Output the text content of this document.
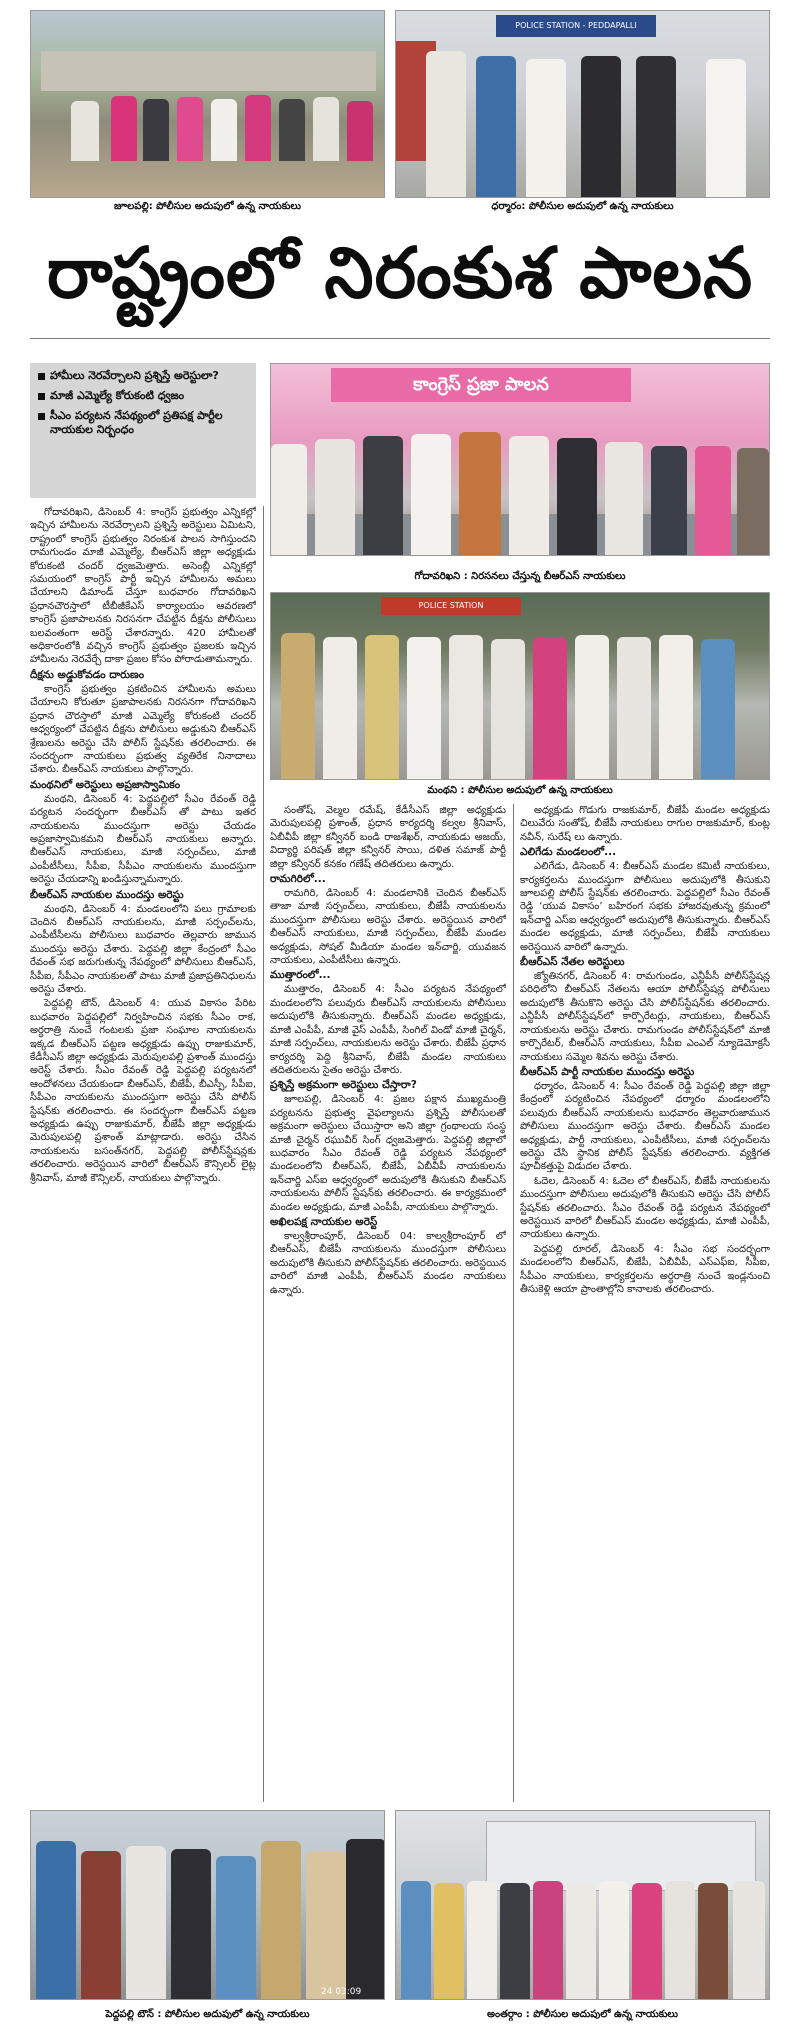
జూలపల్లి: పోలీసుల అదుపులో ఉన్న నాయకులు
POLICE STATION - PEDDAPALLI
ధర్మారం: పోలీసుల అదుపులో ఉన్న నాయకులు
రాష్ట్రంలో నిరంకుశ పాలన
హామీలు నెరవేర్చాలని ప్రశ్నిస్తే అరెస్టులా?
మాజీ ఎమ్మెల్యే కోరుకంటి ధ్వజం
సీఎం పర్యటన నేపథ్యంలో ప్రతిపక్ష పార్టీల నాయకుల నిర్బంధం
కాంగ్రెస్ ప్రజా పాలన
గోదావరిఖని : నిరసనలు చేస్తున్న బీఆర్ఎస్ నాయకులు
POLICE STATION
మంథని : పోలీసుల అదుపులో ఉన్న నాయకులు

గోదావరిఖని, డిసెంబర్ 4: కాంగ్రెస్ ప్రభుత్వం ఎన్నికల్లో ఇచ్చిన హామీలను నెరవేర్చాలని ప్రశ్నిస్తే అరెస్టులు ఏమిటని, రాష్ట్రంలో కాంగ్రెస్ ప్రభుత్వం నిరంకుశ పాలన సాగిస్తుందని రామగుండం మాజీ ఎమ్మెల్యే, బీఆర్ఎస్ జిల్లా అధ్యక్షుడు కోరుకంటి చందర్ ధ్వజమెత్తారు. అసెంబ్లీ ఎన్నికల్లో సమయంలో కాంగ్రెస్ పార్టీ ఇచ్చిన హామీలను అమలు చేయాలని డిమాండ్ చేస్తూ బుధవారం గోదావరిఖని ప్రధానచౌరస్తాలో టీబీజీకేఎస్ కార్యాలయం ఆవరణలో కాంగ్రెస్ ప్రజాపాలనకు నిరసనగా చేపట్టిన దీక్షను పోలీసులు బలవంతంగా అరెస్ట్ చేశారన్నారు. 420 హామీలతో అధికారంలోకి వచ్చిన కాంగ్రెస్ ప్రభుత్వం ప్రజలకు ఇచ్చిన హామీలను నెరవేర్చే దాకా ప్రజల కోసం పోరాడుతామన్నారు.

దీక్షను అడ్డుకోవడం దారుణం

కాంగ్రెస్ ప్రభుత్వం ప్రకటించిన హామీలను అమలు చేయాలని కోరుతూ ప్రజాపాలనకు నిరసనగా గోదావరిఖని ప్రధాన చౌరస్తాలో మాజీ ఎమ్మెల్యే కోరుకంటి చందర్ ఆధ్వర్యంలో చేపట్టిన దీక్షను పోలీసులు అడ్డుకుని బీఆర్ఎస్ శ్రేణులను అరెస్టు చేసి పోలీస్ స్టేషన్‌కు తరలించారు. ఈ సందర్భంగా నాయకులు ప్రభుత్వ వ్యతిరేక నినాదాలు చేశారు. బీఆర్ఎస్ నాయకులు పాల్గొన్నారు.

మంథనిలో అరెస్టులు అప్రజాస్వామికం

మంథని, డిసెంబర్ 4: పెద్దపల్లిలో సీఎం రేవంత్ రెడ్డి పర్యటన సందర్భంగా బీఆర్ఎస్ తో పాటు ఇతర నాయకులను ముందస్తుగా అరెస్టు చేయడం అప్రజాస్వామికమని బీఆర్ఎస్ నాయకులు అన్నారు. బీఆర్ఎస్ నాయకులు, మాజీ సర్పంచ్‌లు, మాజీ ఎంపీటీసీలు, సీపీఐ, సీపీఎం నాయకులను ముందస్తుగా అరెస్టు చేయడాన్ని ఖండిస్తున్నామన్నారు.

బీఆర్ఎస్ నాయకుల ముందస్తు అరెస్టు

మంథని, డిసెంబర్ 4: మండలంలోని పలు గ్రామాలకు చెందిన బీఆర్ఎస్ నాయకులను, మాజీ సర్పంచ్‌లను, ఎంపీటీసీలను పోలీసులు బుధవారం తెల్లవారు జామున ముందస్తు అరెస్టు చేశారు. పెద్దపల్లి జిల్లా కేంద్రంలో సీఎం రేవంత్ సభ జరుగుతున్న నేపథ్యంలో పోలీసులు బీఆర్ఎస్, సీపీఐ, సీపీఎం నాయకులతో పాటు మాజీ ప్రజాప్రతినిధులను అరెస్టు చేశారు.

పెద్దపల్లి టౌన్, డిసెంబర్ 4: యువ వికాసం పేరిట బుధవారం పెద్దపల్లిలో నిర్వహించిన సభకు సీఎం రాక, అర్ధరాత్రి నుంచే గంటలకు ప్రజా సంఘాల నాయకులను ఇక్కడ బీఆర్ఎస్ పట్టణ అధ్యక్షుడు ఉప్పు రాజుకుమార్, కేడీసీఎస్ జిల్లా అధ్యక్షుడు మెరుపులపల్లి ప్రశాంత్ ముందస్తు అరెస్ట్ చేశారు. సీఎం రేవంత్ రెడ్డి పెద్దపల్లి పర్యటనలో ఆందోళనలు చేయకుండా బీఆర్ఎస్, బీజేపీ, బీఎస్పీ, సీపీఐ, సీపీఎం నాయకులను ముందస్తుగా అరెస్టు చేసి పోలీస్ స్టేషన్‌కు తరలించారు. ఈ సందర్భంగా బీఆర్ఎస్ పట్టణ అధ్యక్షుడు ఉప్పు రాజుకుమార్, బీజేపీ జిల్లా అధ్యక్షుడు మెరుపులపల్లి ప్రశాంత్ మాట్లాడారు. అరెస్టు చేసిన నాయకులను బసంత్‌నగర్, పెద్దపల్లి పోలీస్‌స్టేషన్లకు తరలించారు. అరెస్టయిన వారిలో బీఆర్ఎస్ కౌన్సిలర్ లైట్ల శ్రీనివాస్, మాజీ కౌన్సిలర్, నాయకులు పాల్గొన్నారు.

సంతోష్, వెల్మల రమేష్, కేడీసీఎస్ జిల్లా అధ్యక్షుడు మెరుపులపల్లి ప్రశాంత్, ప్రధాన కార్యదర్శి కల్వల శ్రీనివాస్, ఏబీవీపీ జిల్లా కన్వీనర్ బండి రాజశేఖర్, నాయకుడు అజయ్, విద్యార్థి పరిషత్ జిల్లా కన్వీనర్ సాయి, దళిత సమాజ్ పార్టీ జిల్లా కన్వీనర్ కనకం గణేష్ తదితరులు ఉన్నారు.

రామగిరిలో...

రామగిరి, డిసెంబర్ 4: మండలానికి చెందిన బీఆర్ఎస్ తాజా మాజీ సర్పంచ్‌లు, నాయకులు, బీజేపీ నాయకులను ముందస్తుగా పోలీసులు అరెస్టు చేశారు. అరెస్టయిన వారిలో బీఆర్ఎస్ నాయకులు, మాజీ సర్పంచ్‌లు, బీజేపీ మండల అధ్యక్షుడు, సోషల్ మీడియా మండల ఇన్‌చార్జి, యువజన నాయకులు, ఎంపీటీసీలు ఉన్నారు.

ముత్తారంలో...

ముత్తారం, డిసెంబర్ 4: సీఎం పర్యటన నేపథ్యంలో మండలంలోని పలువురు బీఆర్ఎస్ నాయకులను పోలీసులు అదుపులోకి తీసుకున్నారు. బీఆర్ఎస్ మండల అధ్యక్షుడు, మాజీ ఎంపీపీ, మాజీ వైస్ ఎంపీపీ, సింగిల్ విండో మాజీ చైర్మన్, మాజీ సర్పంచ్‌లు, నాయకులను అరెస్టు చేశారు. బీజేపీ ప్రధాన కార్యదర్శి పెద్ది శ్రీనివాస్, బీజేపీ మండల నాయకులు తదితరులను సైతం అరెస్టు చేశారు.

ప్రశ్నిస్తే అక్రమంగా అరెస్టులు చేస్తారా?

జూలపల్లి, డిసెంబర్ 4: ప్రజల పక్షాన ముఖ్యమంత్రి పర్యటనను ప్రభుత్వ వైఫల్యాలను ప్రశ్నిస్తే పోలీసులతో అక్రమంగా అరెస్టులు చేయిస్తారా అని జిల్లా గ్రంథాలయ సంస్థ మాజీ చైర్మన్ రఘువీర్ సింగ్ ధ్వజమెత్తారు. పెద్దపల్లి జిల్లాలో బుధవారం సీఎం రేవంత్ రెడ్డి పర్యటన నేపథ్యంలో మండలంలోని బీఆర్ఎస్, బీజేపీ, ఏబీవీపీ నాయకులను ఇన్‌చార్జి ఎస్ఐ ఆధ్వర్యంలో అదుపులోకి తీసుకుని బీఆర్ఎస్ నాయకులను పోలీస్ స్టేషన్‌కు తరలించారు. ఈ కార్యక్రమంలో మండల అధ్యక్షుడు, మాజీ ఎంపీపీ, నాయకులు పాల్గొన్నారు.

అఖిలపక్ష నాయకుల అరెస్ట్

కాల్వశ్రీరాంపూర్, డిసెంబర్ 04: కాల్వశ్రీరాంపూర్ లో బీఆర్ఎస్, బీజేపీ నాయకులను ముందస్తుగా పోలీసులు అదుపులోకి తీసుకుని పోలీస్‌స్టేషన్‌కు తరలించారు. అరెస్టయిన వారిలో మాజీ ఎంపీపీ, బీఆర్ఎస్ మండల నాయకులు ఉన్నారు.

అధ్యక్షుడు గొడుగు రాజకుమార్, బీజేపీ మండల అధ్యక్షుడు చిలువేరు సంతోష్, బీజేపీ నాయకులు రాగుల రాజకుమార్, కుంట్ల నవీన్, సురేష్ లు ఉన్నారు.

ఎలిగేడు మండలంలో...

ఎలిగేడు, డిసెంబర్ 4: బీఆర్ఎస్ మండల కమిటీ నాయకులు, కార్యకర్తలను ముందస్తుగా పోలీసులు అదుపులోకి తీసుకుని జూలపల్లి పోలీస్ స్టేషన్‌కు తరలించారు. పెద్దపల్లిలో సీఎం రేవంత్ రెడ్డి ‘యువ వికాసం’ బహిరంగ సభకు హాజరవుతున్న క్రమంలో ఇన్‌చార్జి ఎస్ఐ ఆధ్వర్యంలో అదుపులోకి తీసుకున్నారు. బీఆర్ఎస్ మండల అధ్యక్షుడు, మాజీ సర్పంచ్‌లు, బీజేపీ నాయకులు అరెస్టయిన వారిలో ఉన్నారు.

బీఆర్ఎస్ నేతల అరెస్టులు

జ్యోతినగర్, డిసెంబర్ 4: రామగుండం, ఎన్టీపీసీ పోలీస్‌స్టేషన్ల పరిధిలోని బీఆర్ఎస్ నేతలను ఆయా పోలీస్‌స్టేషన్ల పోలీసులు అదుపులోకి తీసుకొని అరెస్టు చేసి పోలీస్‌స్టేషన్‌కు తరలించారు. ఎన్టీపీసీ పోలీస్‌స్టేషన్‌లో కార్పొరేటర్లు, నాయకులు, బీఆర్ఎస్ నాయకులను అరెస్టు చేశారు. రామగుండం పోలీస్‌స్టేషన్‌లో మాజీ కార్పొరేటర్, బీఆర్ఎస్ నాయకులు, సీపీఐ ఎంఎల్ న్యూడెమోక్రసీ నాయకులు సమ్మెల శివను అరెస్టు చేశారు.

బీఆర్ఎస్ పార్టీ నాయకుల ముందస్తు అరెస్టు

ధర్మారం, డిసెంబర్ 4: సీఎం రేవంత్ రెడ్డి పెద్దపల్లి జిల్లా జిల్లా కేంద్రంలో పర్యటించిన నేపథ్యంలో ధర్మారం మండలంలోని పలువురు బీఆర్ఎస్ నాయకులను బుధవారం తెల్లవారుజామున పోలీసులు ముందస్తుగా అరెస్టు చేశారు. బీఆర్ఎస్ మండల అధ్యక్షుడు, పార్టీ నాయకులు, ఎంపీటీసీలు, మాజీ సర్పంచ్‌లను అరెస్టు చేసి స్థానిక పోలీస్ స్టేషన్‌కు తరలించారు. వ్యక్తిగత పూచీకత్తుపై విడుదల చేశారు.

ఓదెల, డిసెంబర్ 4: ఓదెల లో బీఆర్ఎస్, బీజేపీ నాయకులను ముందస్తుగా పోలీసులు అదుపులోకి తీసుకుని అరెస్టు చేసి పోలీస్ స్టేషన్‌కు తరలించారు. సీఎం రేవంత్ రెడ్డి పర్యటన నేపథ్యంలో అరెస్టయిన వారిలో బీఆర్ఎస్ మండల అధ్యక్షుడు, మాజీ ఎంపీపీ, నాయకులు ఉన్నారు.

పెద్దపల్లి రూరల్, డిసెంబర్ 4: సీఎం సభ సందర్భంగా మండలంలోని బీఆర్ఎస్, బీజేపీ, ఏబీవీపీ, ఎస్ఎఫ్ఐ, సీపీఐ, సీపీఎం నాయకులు, కార్యకర్తలను అర్ధరాత్రి నుంచే ఇండ్లనుంచి తీసుకెళ్లి ఆయా ప్రాంతాల్లోని కానాలకు తరలించారు.

24 03:09
పెద్దపల్లి టౌన్ : పోలీసుల అదుపులో ఉన్న నాయకులు	అంతర్గాం : పోలీసుల అదుపులో ఉన్న నాయకులు
